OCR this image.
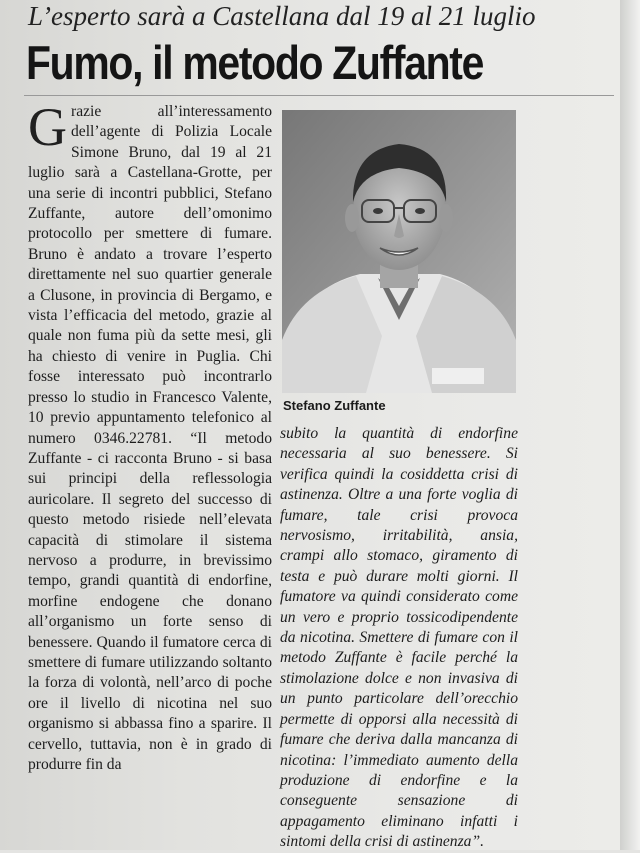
L’esperto sarà a Castellana dal 19 al 21 luglio
Fumo, il metodo Zuffante
Grazie all’interessamento dell’agente di Polizia Locale Simone Bruno, dal 19 al 21 luglio sarà a Castellana-Grotte, per una serie di incontri pubblici, Stefano Zuffante, autore dell’omonimo protocollo per smettere di fumare. Bruno è andato a trovare l’esperto direttamente nel suo quartier generale a Clusone, in provincia di Bergamo, e vista l’efficacia del metodo, grazie al quale non fuma più da sette mesi, gli ha chiesto di venire in Puglia. Chi fosse interessato può incontrarlo presso lo studio in Francesco Valente, 10 previo appuntamento telefonico al numero 0346.22781. “Il metodo Zuffante - ci racconta Bruno - si basa sui principi della reflessologia auricolare. Il segreto del successo di questo metodo risiede nell’elevata capacità di stimolare il sistema nervoso a produrre, in brevissimo tempo, grandi quantità di endorfine, morfine endogene che donano all’organismo un forte senso di benessere. Quando il fumatore cerca di smettere di fumare utilizzando soltanto la forza di volontà, nell’arco di poche ore il livello di nicotina nel suo organismo si abbassa fino a sparire. Il cervello, tuttavia, non è in grado di produrre fin da
Stefano Zuffante
subito la quantità di endorfine necessaria al suo benessere. Si verifica quindi la cosiddetta crisi di astinenza. Oltre a una forte voglia di fumare, tale crisi provoca nervosismo, irritabilità, ansia, crampi allo stomaco, giramento di testa e può durare molti giorni. Il fumatore va quindi considerato come un vero e proprio tossicodipendente da nicotina. Smettere di fumare con il metodo Zuffante è facile perché la stimolazione dolce e non invasiva di un punto particolare dell’orecchio permette di opporsi alla necessità di fumare che deriva dalla mancanza di nicotina: l’immediato aumento della produzione di endorfine e la conseguente sensazione di appagamento eliminano infatti i sintomi della crisi di astinenza”.
